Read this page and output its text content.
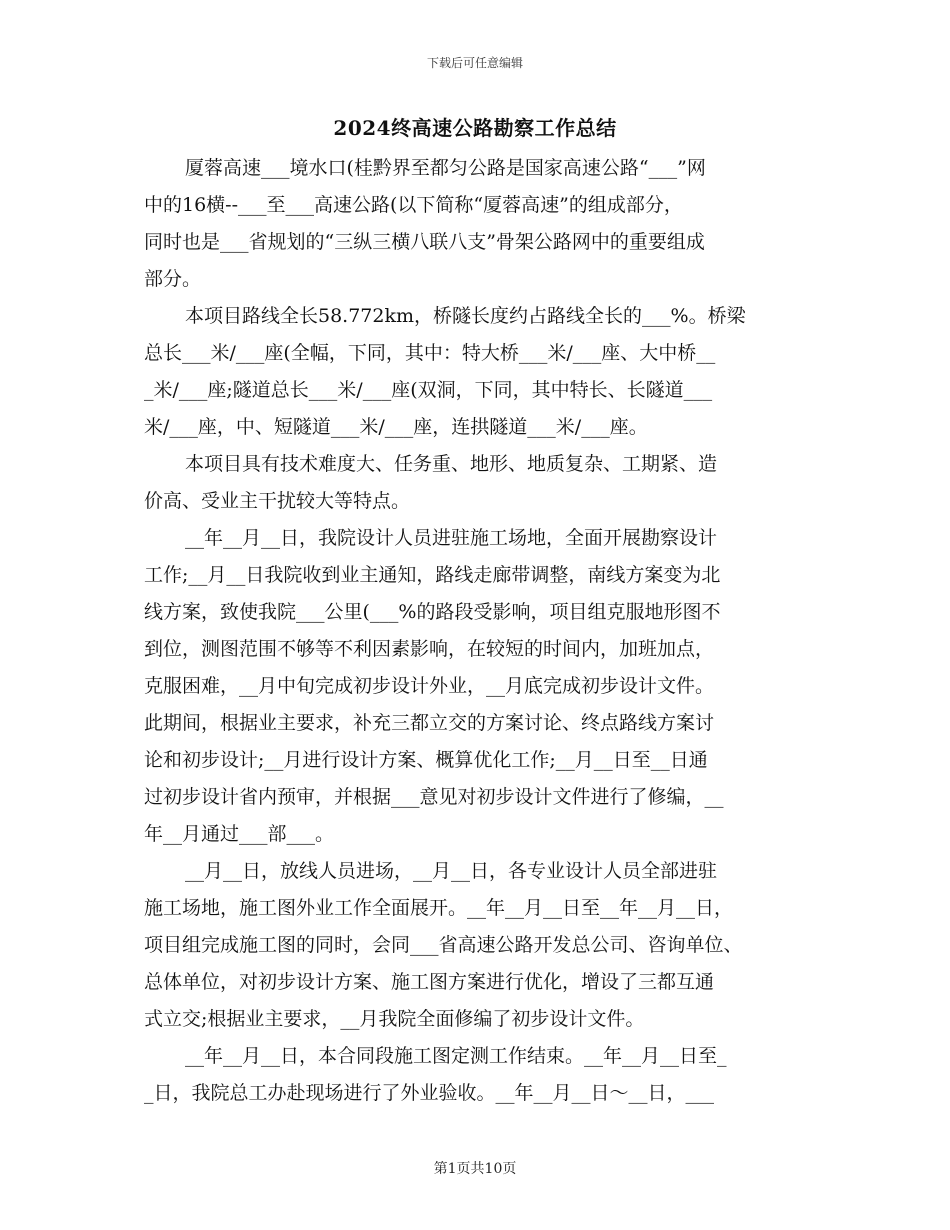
下载后可任意编辑
2024终高速公路勘察工作总结
厦蓉高速___境水口(桂黔界至都匀公路是国家高速公路“___”网
中的16横--___至___高速公路(以下简称“厦蓉高速”的组成部分，
同时也是___省规划的“三纵三横八联八支”骨架公路网中的重要组成
部分。
本项目路线全长58.772km，桥隧长度约占路线全长的___%。桥梁
总长___米/___座(全幅，下同，其中：特大桥___米/___座、大中桥__
_米/___座;隧道总长___米/___座(双洞，下同，其中特长、长隧道___
米/___座，中、短隧道___米/___座，连拱隧道___米/___座。
本项目具有技术难度大、任务重、地形、地质复杂、工期紧、造
价高、受业主干扰较大等特点。
__年__月__日，我院设计人员进驻施工场地，全面开展勘察设计
工作;__月__日我院收到业主通知，路线走廊带调整，南线方案变为北
线方案，致使我院___公里(___%的路段受影响，项目组克服地形图不
到位，测图范围不够等不利因素影响，在较短的时间内，加班加点，
克服困难，__月中旬完成初步设计外业，__月底完成初步设计文件。
此期间，根据业主要求，补充三都立交的方案讨论、终点路线方案讨
论和初步设计;__月进行设计方案、概算优化工作;__月__日至__日通
过初步设计省内预审，并根据___意见对初步设计文件进行了修编，__
年__月通过___部___。
__月__日，放线人员进场，__月__日，各专业设计人员全部进驻
施工场地，施工图外业工作全面展开。__年__月__日至__年__月__日，
项目组完成施工图的同时，会同___省高速公路开发总公司、咨询单位、
总体单位，对初步设计方案、施工图方案进行优化，增设了三都互通
式立交;根据业主要求，__月我院全面修编了初步设计文件。
__年__月__日，本合同段施工图定测工作结束。__年__月__日至_
_日，我院总工办赴现场进行了外业验收。__年__月__日～__日，___
第1页共10页
